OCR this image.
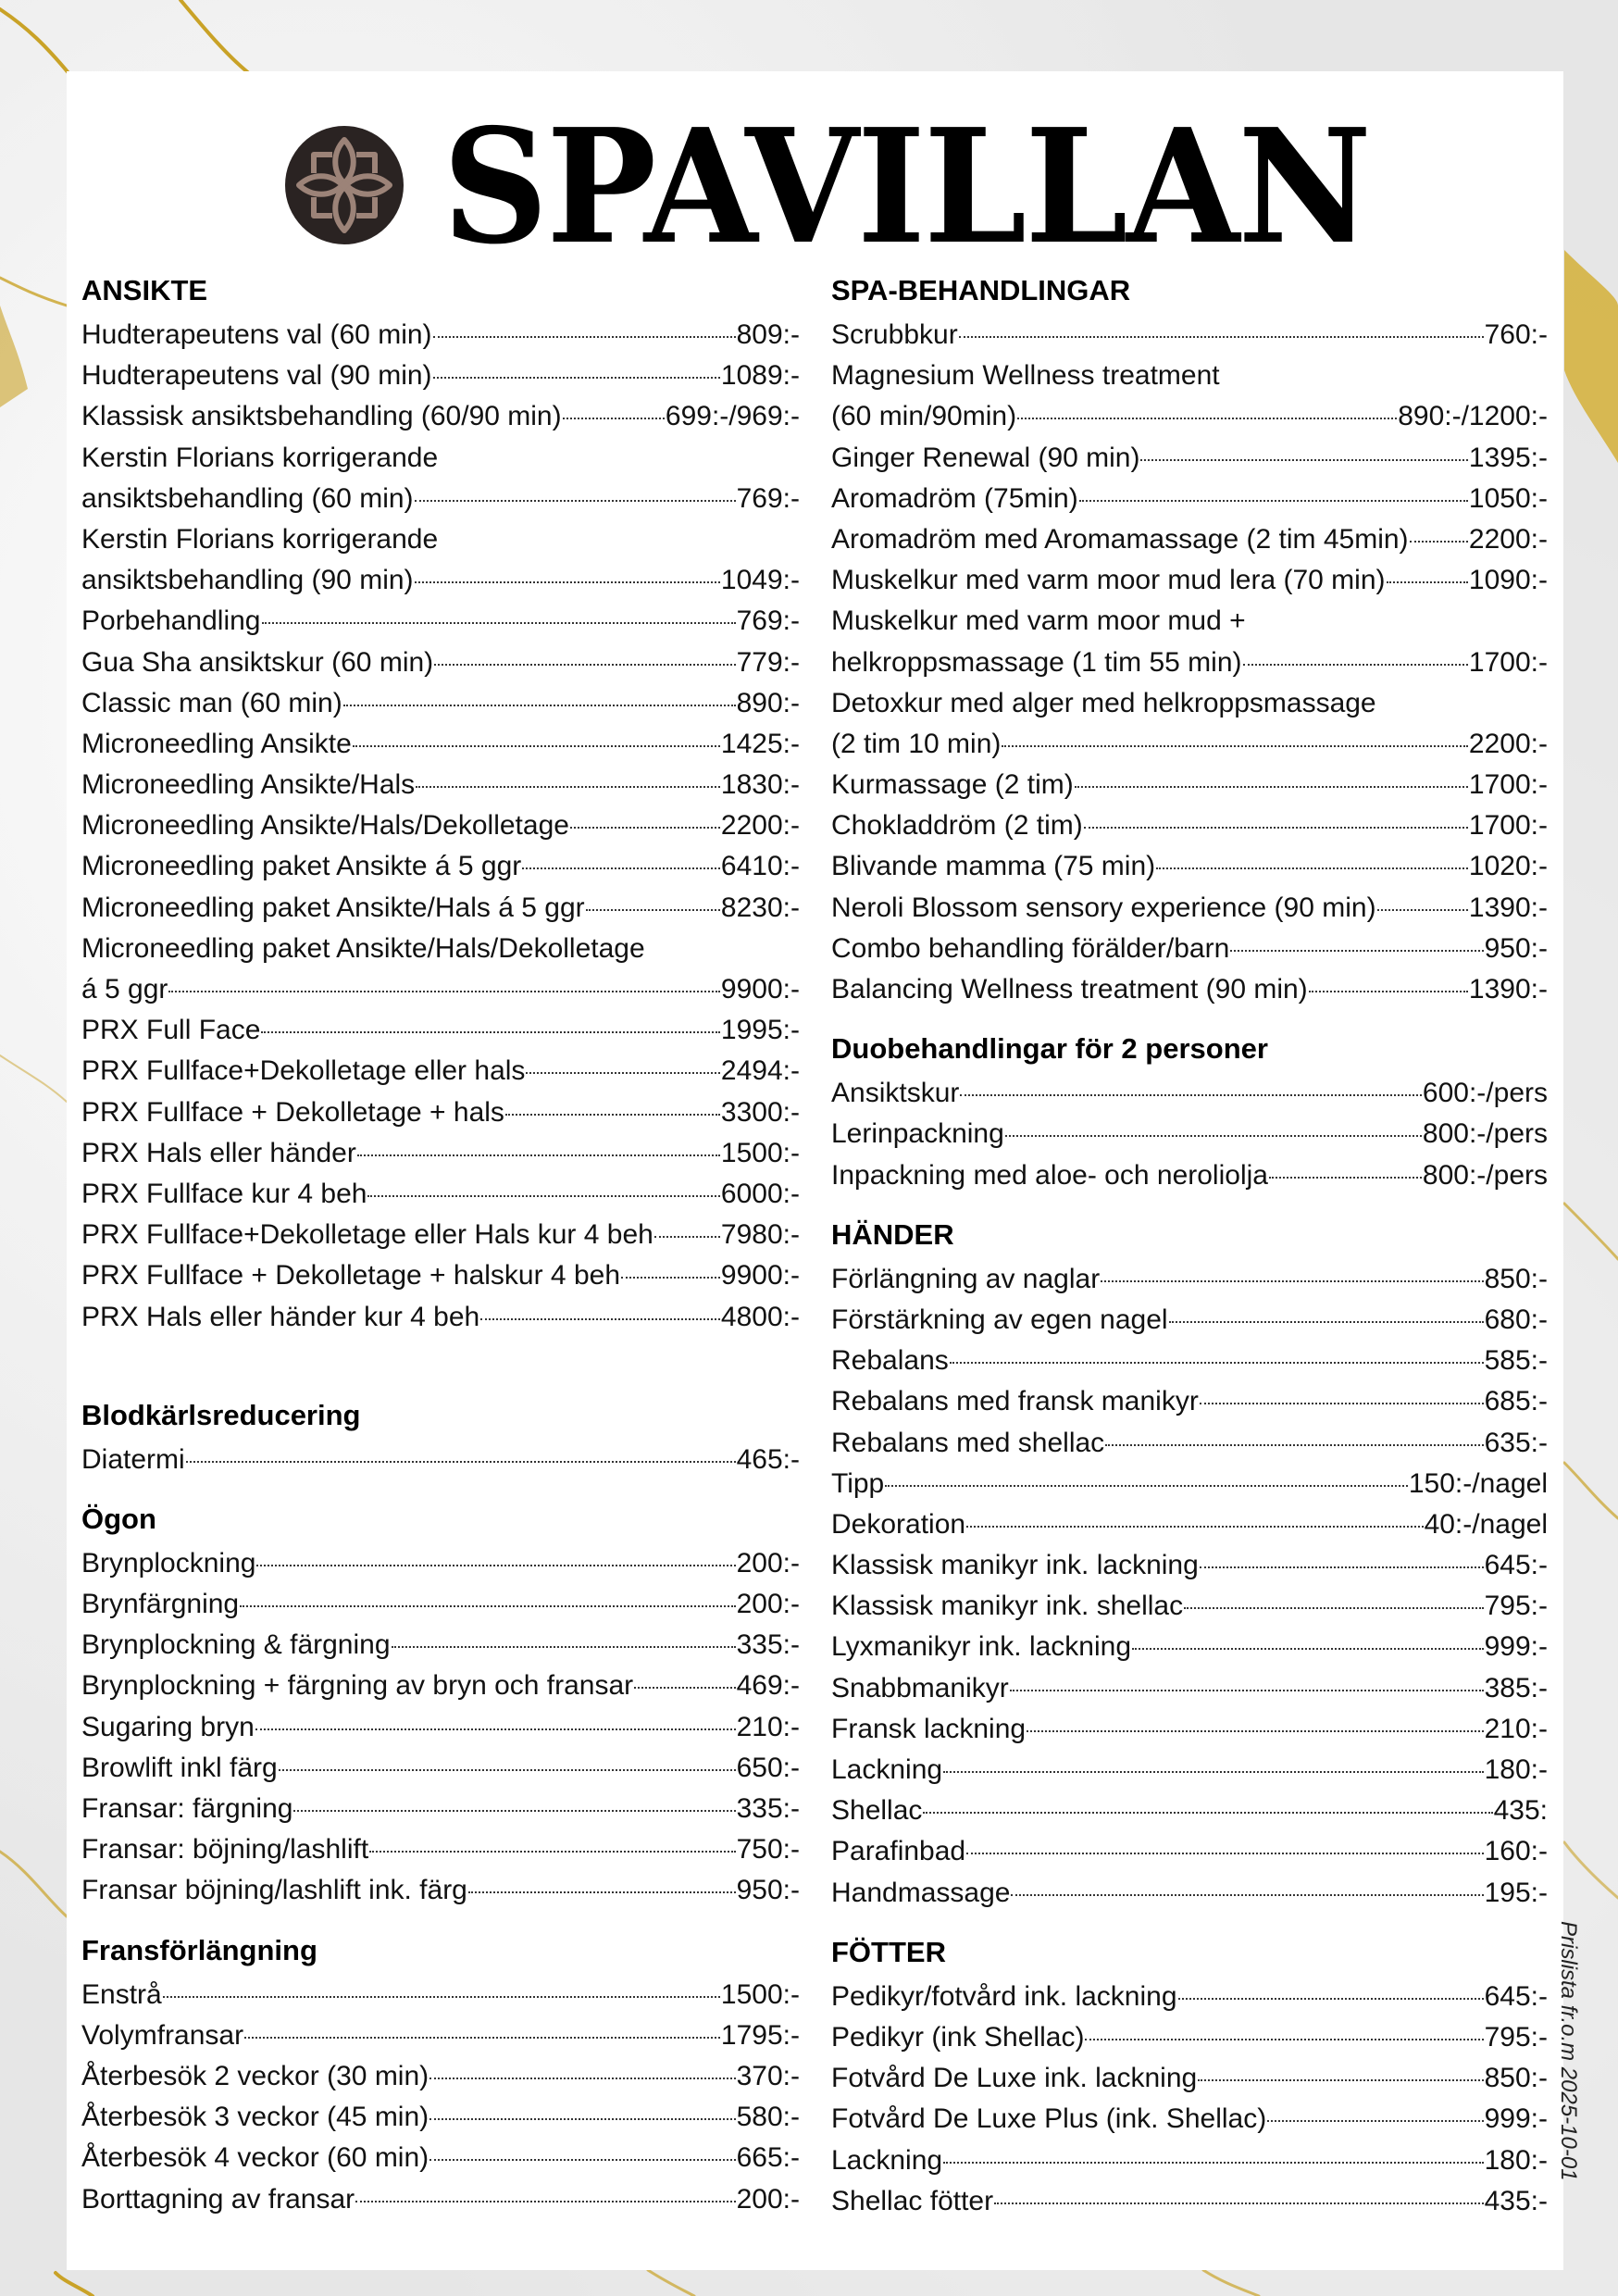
SPAVILLAN
ANSIKTE
Hudterapeutens val (60 min)	809:-
Hudterapeutens val (90 min)	1089:-
Klassisk ansiktsbehandling (60/90 min)	699:-/969:-
Kerstin Florians korrigerande
ansiktsbehandling (60 min)	769:-
Kerstin Florians korrigerande
ansiktsbehandling (90 min)	1049:-
Porbehandling	769:-
Gua Sha ansiktskur (60 min)	779:-
Classic man (60 min)	890:-
Microneedling Ansikte	1425:-
Microneedling Ansikte/Hals	1830:-
Microneedling Ansikte/Hals/Dekolletage	2200:-
Microneedling paket Ansikte á 5 ggr	6410:-
Microneedling paket Ansikte/Hals á 5 ggr	8230:-
Microneedling paket Ansikte/Hals/Dekolletage
á 5 ggr	9900:-
PRX Full Face	1995:-
PRX Fullface+Dekolletage eller hals	2494:-
PRX Fullface + Dekolletage + hals	3300:-
PRX Hals eller händer	1500:-
PRX Fullface kur 4 beh	6000:-
PRX Fullface+Dekolletage eller Hals kur 4 beh 7980:-
PRX Fullface + Dekolletage + halskur 4 beh	9900:-
PRX Hals eller händer kur 4 beh	4800:-
Blodkärlsreducering
Diatermi	465:-
Ögon
Brynplockning	200:-
Brynfärgning	200:-
Brynplockning & färgning	335:-
Brynplockning + färgning av bryn och fransar	469:-
Sugaring bryn	210:-
Browlift inkl färg	650:-
Fransar: färgning	335:-
Fransar: böjning/lashlift	750:-
Fransar böjning/lashlift ink. färg	950:-
Fransförlängning
Enstrå	1500:-
Volymfransar	1795:-
Återbesök 2 veckor (30 min)	370:-
Återbesök 3 veckor (45 min)	580:-
Återbesök 4 veckor (60 min)	665:-
Borttagning av fransar	200:-
SPA-BEHANDLINGAR
Scrubbkur	760:-
Magnesium Wellness treatment
(60 min/90min)	890:-/1200:-
Ginger Renewal (90 min)	1395:-
Aromadröm (75min)	1050:-
Aromadröm med Aromamassage (2 tim 45min) 2200:-
Muskelkur med varm moor mud lera (70 min)	1090:-
Muskelkur med varm moor mud +
helkroppsmassage (1 tim 55 min)	1700:-
Detoxkur med alger med helkroppsmassage
(2 tim 10 min)	2200:-
Kurmassage (2 tim)	1700:-
Chokladdröm (2 tim)	1700:-
Blivande mamma (75 min)	1020:-
Neroli Blossom sensory experience (90 min)	1390:-
Combo behandling förälder/barn	950:-
Balancing Wellness treatment (90 min)	1390:-
Duobehandlingar för 2 personer
Ansiktskur	600:-/pers
Lerinpackning	800:-/pers
Inpackning med aloe- och neroliolja	800:-/pers
HÄNDER
Förlängning av naglar	850:-
Förstärkning av egen nagel	680:-
Rebalans	585:-
Rebalans med fransk manikyr	685:-
Rebalans med shellac	635:-
Tipp	150:-/nagel
Dekoration	40:-/nagel
Klassisk manikyr ink. lackning	645:-
Klassisk manikyr ink. shellac	795:-
Lyxmanikyr ink. lackning	999:-
Snabbmanikyr	385:-
Fransk lackning	210:-
Lackning	180:-
Shellac	435:
Parafinbad	160:-
Handmassage	195:-
FÖTTER
Pedikyr/fotvård ink. lackning	645:-
Pedikyr (ink Shellac)	795:-
Fotvård De Luxe ink. lackning	850:-
Fotvård De Luxe Plus (ink. Shellac)	999:-
Lackning	180:-
Shellac fötter	435:-
Prislista fr.o.m 2025-10-01
